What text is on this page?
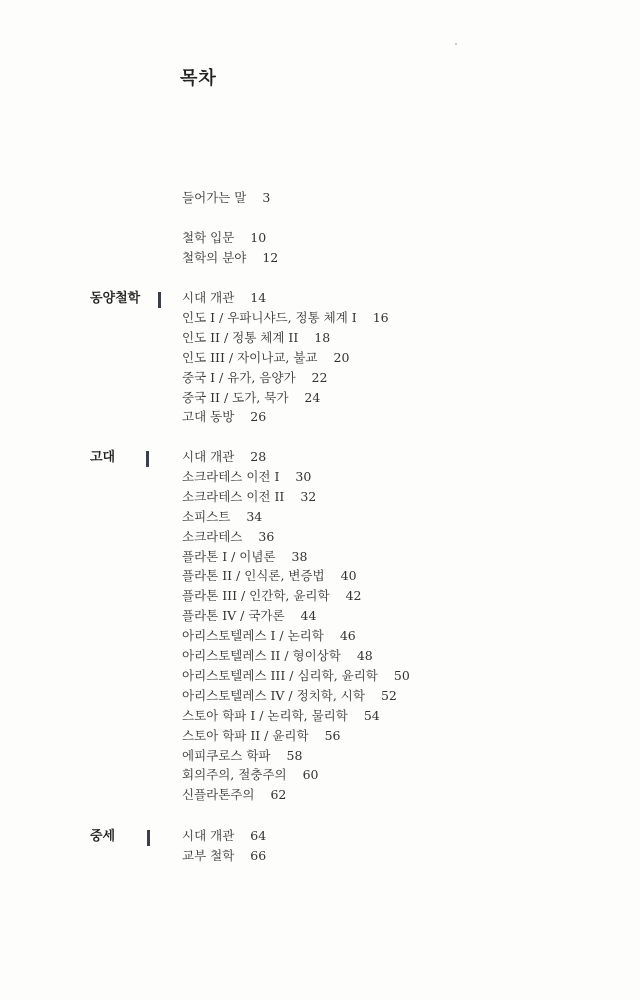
목차
들어가는 말 3
철학 입문 10
철학의 분야 12
동양철학	시대 개관 14
인도 I / 우파니샤드, 정통 체계 I 16
인도 II / 정통 체계 II 18
인도 III / 자이나교, 불교 20
중국 I / 유가, 음양가 22
중국 II / 도가, 묵가 24
고대 동방 26
고대	시대 개관 28
소크라테스 이전 I 30
소크라테스 이전 II 32
소피스트 34
소크라테스 36
플라톤 I / 이념론 38
플라톤 II / 인식론, 변증법 40
플라톤 III / 인간학, 윤리학 42
플라톤 IV / 국가론 44
아리스토텔레스 I / 논리학 46
아리스토텔레스 II / 형이상학 48
아리스토텔레스 III / 심리학, 윤리학 50
아리스토텔레스 IV / 정치학, 시학 52
스토아 학파 I / 논리학, 물리학 54
스토아 학파 II / 윤리학 56
에피쿠로스 학파 58
회의주의, 절충주의 60
신플라톤주의 62
중세	시대 개관 64
교부 철학 66
